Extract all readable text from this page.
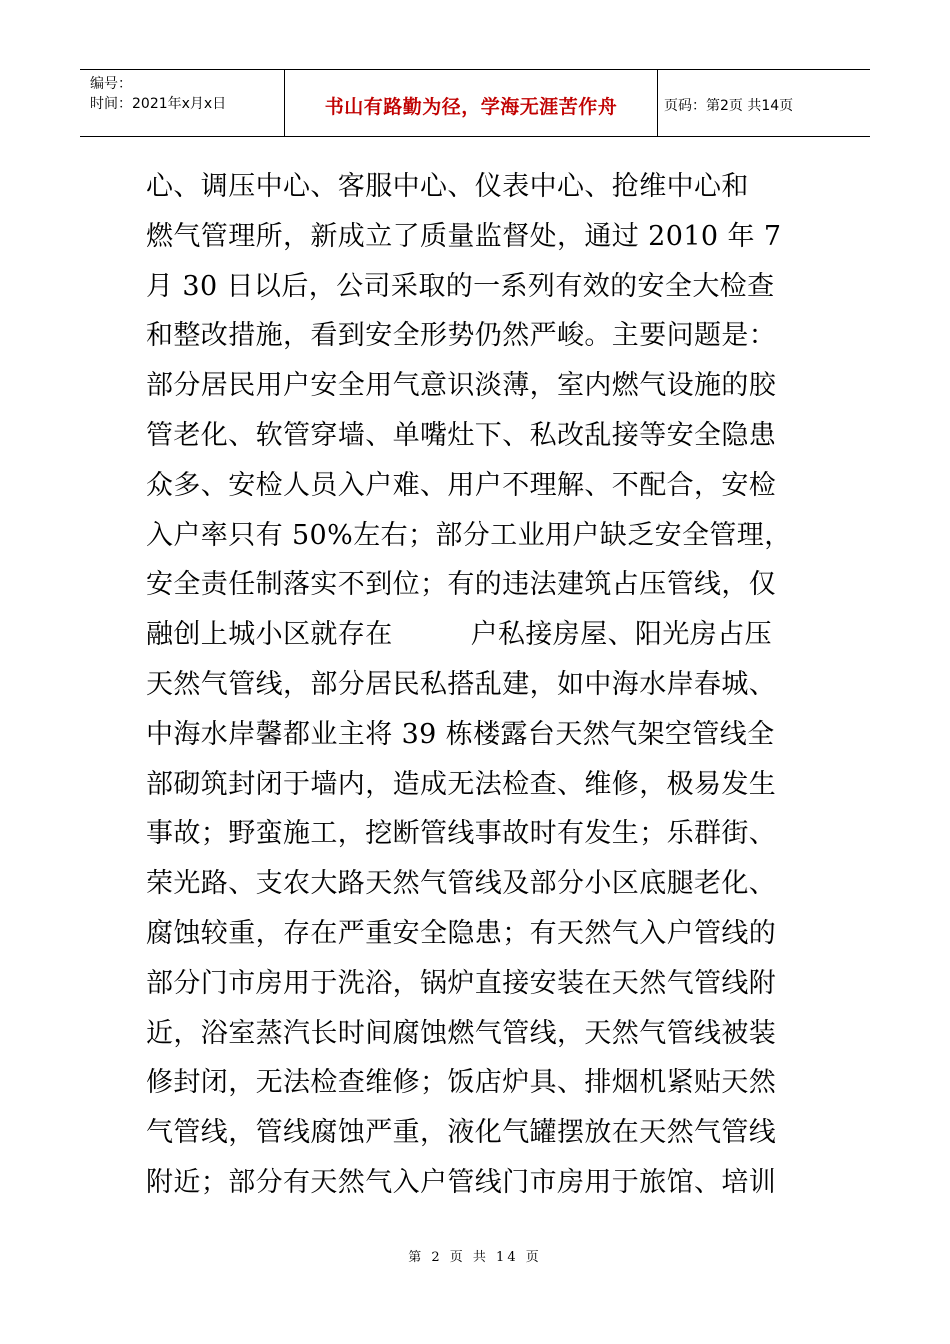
编号：
时间：2021年x月x日	书山有路勤为径，学海无涯苦作舟	页码：第2页 共14页
心、调压中心、客服中心、仪表中心、抢维中心和
燃气管理所，新成立了质量监督处，通过 2010 年 7
月 30 日以后，公司采取的一系列有效的安全大检查
和整改措施，看到安全形势仍然严峻。主要问题是：
部分居民用户安全用气意识淡薄，室内燃气设施的胶
管老化、软管穿墙、单嘴灶下、私改乱接等安全隐患
众多、安检人员入户难、用户不理解、不配合，安检
入户率只有 50%左右；部分工业用户缺乏安全管理，
安全责任制落实不到位；有的违法建筑占压管线，仅
融创上城小区就存在	户私接房屋、阳光房占压
天然气管线，部分居民私搭乱建，如中海水岸春城、
中海水岸馨都业主将 39 栋楼露台天然气架空管线全
部砌筑封闭于墙内，造成无法检查、维修，极易发生
事故；野蛮施工，挖断管线事故时有发生；乐群街、
荣光路、支农大路天然气管线及部分小区底腿老化、
腐蚀较重，存在严重安全隐患；有天然气入户管线的
部分门市房用于洗浴，锅炉直接安装在天然气管线附
近，浴室蒸汽长时间腐蚀燃气管线，天然气管线被装
修封闭，无法检查维修；饭店炉具、排烟机紧贴天然
气管线，管线腐蚀严重，液化气罐摆放在天然气管线
附近；部分有天然气入户管线门市房用于旅馆、培训
第 2 页 共 14 页
